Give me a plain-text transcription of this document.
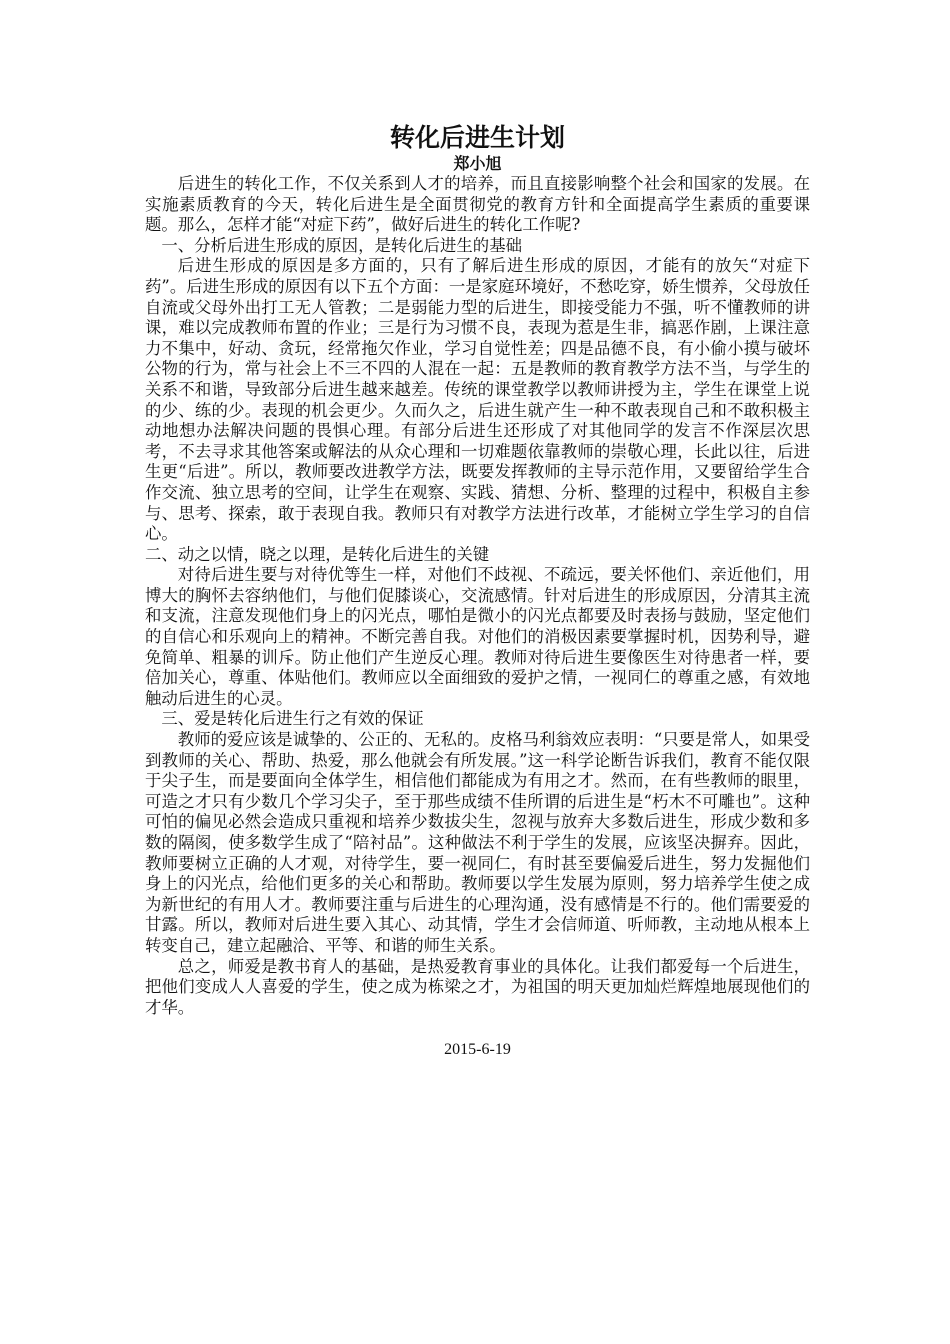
转化后进生计划
郑小旭

后进生的转化工作，不仅关系到人才的培养，而且直接影响整个社会和国家的发展。在实施素质教育的今天，转化后进生是全面贯彻党的教育方针和全面提高学生素质的重要课题。那么，怎样才能“对症下药”，做好后进生的转化工作呢?

一、分析后进生形成的原因，是转化后进生的基础

后进生形成的原因是多方面的，只有了解后进生形成的原因，才能有的放矢“对症下药”。后进生形成的原因有以下五个方面：一是家庭环境好，不愁吃穿，娇生惯养，父母放任自流或父母外出打工无人管教；二是弱能力型的后进生，即接受能力不强，听不懂教师的讲课，难以完成教师布置的作业；三是行为习惯不良，表现为惹是生非，搞恶作剧，上课注意力不集中，好动、贪玩，经常拖欠作业，学习自觉性差；四是品德不良，有小偷小摸与破坏公物的行为，常与社会上不三不四的人混在一起：五是教师的教育教学方法不当，与学生的关系不和谐，导致部分后进生越来越差。传统的课堂教学以教师讲授为主，学生在课堂上说的少、练的少。表现的机会更少。久而久之，后进生就产生一种不敢表现自己和不敢积极主动地想办法解决问题的畏惧心理。有部分后进生还形成了对其他同学的发言不作深层次思考，不去寻求其他答案或解法的从众心理和一切难题依靠教师的崇敬心理，长此以往，后进生更“后进”。所以，教师要改进教学方法，既要发挥教师的主导示范作用，又要留给学生合作交流、独立思考的空间，让学生在观察、实践、猜想、分析、整理的过程中，积极自主参与、思考、探索，敢于表现自我。教师只有对教学方法进行改革，才能树立学生学习的自信心。

二、动之以情，晓之以理，是转化后进生的关键

对待后进生要与对待优等生一样，对他们不歧视、不疏远，要关怀他们、亲近他们，用博大的胸怀去容纳他们，与他们促膝谈心，交流感情。针对后进生的形成原因，分清其主流和支流，注意发现他们身上的闪光点，哪怕是微小的闪光点都要及时表扬与鼓励，坚定他们的自信心和乐观向上的精神。不断完善自我。对他们的消极因素要掌握时机，因势利导，避免简单、粗暴的训斥。防止他们产生逆反心理。教师对待后进生要像医生对待患者一样，要倍加关心，尊重、体贴他们。教师应以全面细致的爱护之情，一视同仁的尊重之感，有效地触动后进生的心灵。

三、爱是转化后进生行之有效的保证

教师的爱应该是诚挚的、公正的、无私的。皮格马利翁效应表明：“只要是常人，如果受到教师的关心、帮助、热爱，那么他就会有所发展。”这一科学论断告诉我们，教育不能仅限于尖子生，而是要面向全体学生，相信他们都能成为有用之才。然而，在有些教师的眼里，可造之才只有少数几个学习尖子，至于那些成绩不佳所谓的后进生是“朽木不可雕也”。这种可怕的偏见必然会造成只重视和培养少数拔尖生，忽视与放弃大多数后进生，形成少数和多数的隔阂，使多数学生成了“陪衬品”。这种做法不利于学生的发展，应该坚决摒弃。因此，教师要树立正确的人才观，对待学生，要一视同仁，有时甚至要偏爱后进生，努力发掘他们身上的闪光点，给他们更多的关心和帮助。教师要以学生发展为原则，努力培养学生使之成为新世纪的有用人才。教师要注重与后进生的心理沟通，没有感情是不行的。他们需要爱的甘露。所以，教师对后进生要入其心、动其情，学生才会信师道、听师教，主动地从根本上转变自己，建立起融洽、平等、和谐的师生关系。

总之，师爱是教书育人的基础，是热爱教育事业的具体化。让我们都爱每一个后进生，把他们变成人人喜爱的学生，使之成为栋梁之才，为祖国的明天更加灿烂辉煌地展现他们的才华。

2015-6-19
